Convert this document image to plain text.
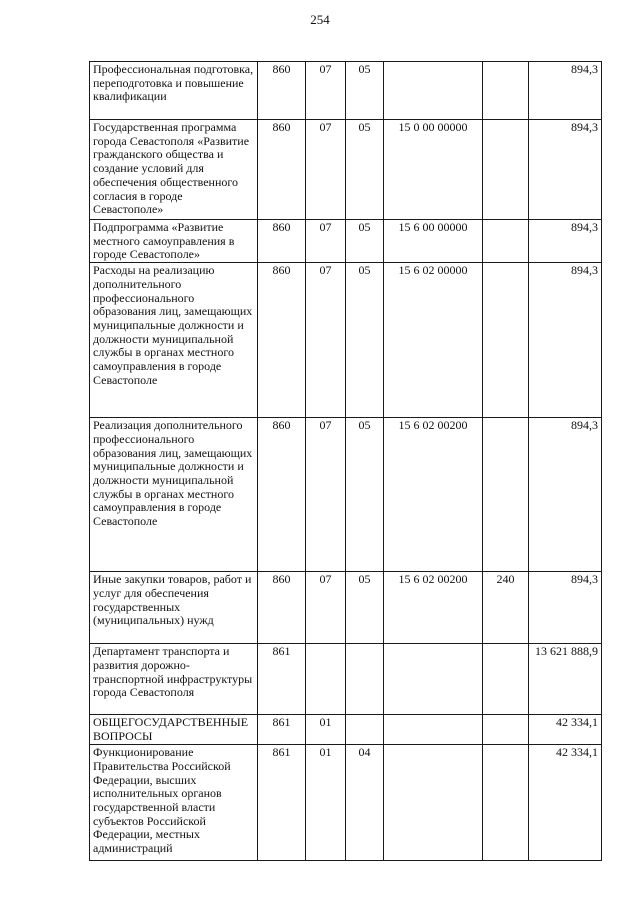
254
Профессиональная подготовка, переподготовка и повышение квалификации	860	07	05			894,3
Государственная программа города Севастополя «Развитие гражданского общества и создание условий для обеспечения общественного согласия в городе Севастополе»	860	07	05	15 0 00 00000		894,3
Подпрограмма «Развитие местного самоуправления в городе Севастополе»	860	07	05	15 6 00 00000		894,3
Расходы на реализацию дополнительного профессионального образования лиц, замещающих муниципальные должности и должности муниципальной службы в органах местного самоуправления в городе Севастополе	860	07	05	15 6 02 00000		894,3
Реализация дополнительного профессионального образования лиц, замещающих муниципальные должности и должности муниципальной службы в органах местного самоуправления в городе Севастополе	860	07	05	15 6 02 00200		894,3
Иные закупки товаров, работ и услуг для обеспечения государственных (муниципальных) нужд	860	07	05	15 6 02 00200	240	894,3
Департамент транспорта и развития дорожно-транспортной инфраструктуры города Севастополя	861					13 621 888,9
ОБЩЕГОСУДАРСТВЕННЫЕ ВОПРОСЫ	861	01				42 334,1
Функционирование Правительства Российской Федерации, высших исполнительных органов государственной власти субъектов Российской Федерации, местных администраций	861	01	04			42 334,1
